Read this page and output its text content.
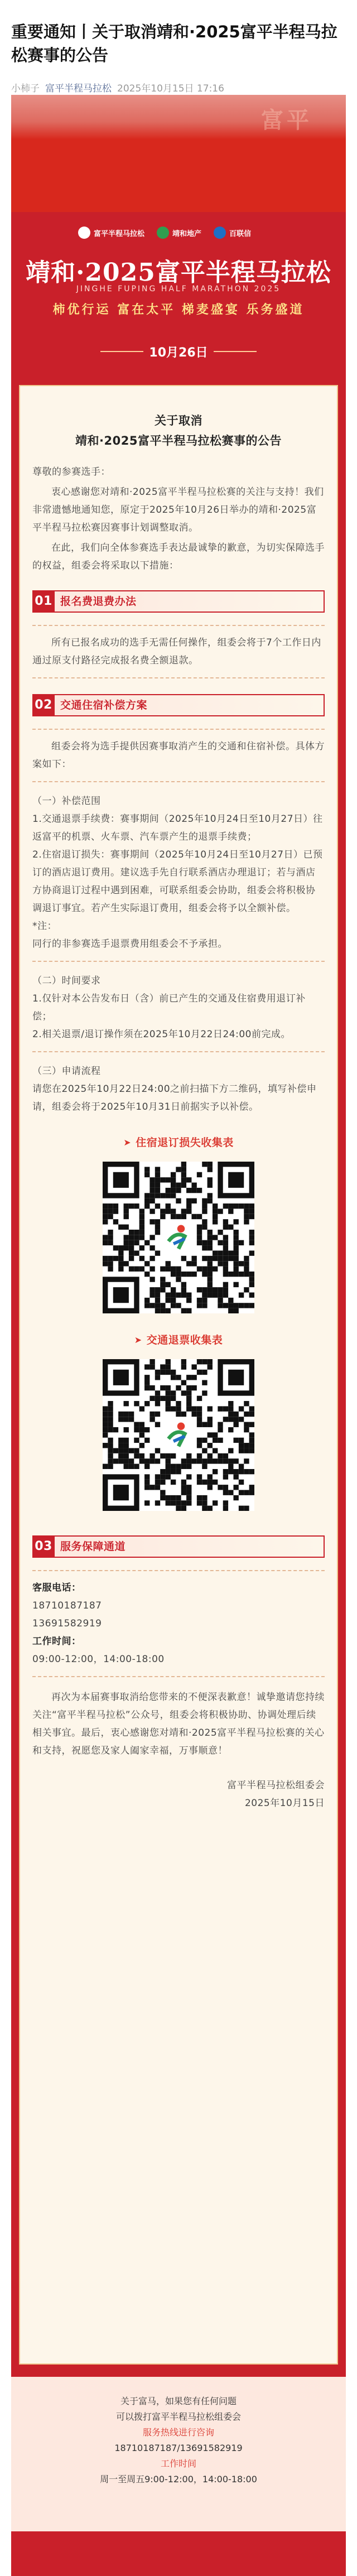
重要通知丨关于取消靖和·2025富平半程马拉松赛事的公告
小柿子 富平半程马拉松 2025年10月15日 17:16
富平
富平半程马拉松	靖和地产	百联信
靖和·2025富平半程马拉松
JINGHE FUPING HALF MARATHON 2025
柿优行运 富在太平 梯麦盛宴 乐务盛道
10月26日
关于取消
靖和·2025富平半程马拉松赛事的公告
尊敬的参赛选手：
衷心感谢您对靖和·2025富平半程马拉松赛的关注与支持！我们非常遗憾地通知您，原定于2025年10月26日举办的靖和·2025富平半程马拉松赛因赛事计划调整取消。
在此，我们向全体参赛选手表达最诚挚的歉意，为切实保障选手的权益，组委会将采取以下措施：
01 报名费退费办法
所有已报名成功的选手无需任何操作，组委会将于7个工作日内通过原支付路径完成报名费全额退款。
02 交通住宿补偿方案
组委会将为选手提供因赛事取消产生的交通和住宿补偿。具体方案如下：
（一）补偿范围
1.交通退票手续费：赛事期间（2025年10月24日至10月27日）往返富平的机票、火车票、汽车票产生的退票手续费；
2.住宿退订损失：赛事期间（2025年10月24日至10月27日）已预订的酒店退订费用。建议选手先自行联系酒店办理退订；若与酒店方协商退订过程中遇到困难，可联系组委会协助，组委会将积极协调退订事宜。若产生实际退订费用，组委会将予以全额补偿。
*注：
同行的非参赛选手退票费用组委会不予承担。
（二）时间要求
1.仅针对本公告发布日（含）前已产生的交通及住宿费用退订补偿；
2.相关退票/退订操作须在2025年10月22日24:00前完成。
（三）申请流程
请您在2025年10月22日24:00之前扫描下方二维码，填写补偿申请，组委会将于2025年10月31日前据实予以补偿。
➤ 住宿退订损失收集表
➤ 交通退票收集表
03 服务保障通道
客服电话：
18710187187
13691582919
工作时间：
09:00-12:00，14:00-18:00
再次为本届赛事取消给您带来的不便深表歉意！诚挚邀请您持续关注“富平半程马拉松”公众号，组委会将积极协助、协调处理后续相关事宜。最后，衷心感谢您对靖和·2025富平半程马拉松赛的关心和支持，祝愿您及家人阖家幸福，万事顺意！
富平半程马拉松组委会
2025年10月15日
关于富马，如果您有任何问题
可以拨打富平半程马拉松组委会
服务热线进行咨询
18710187187/13691582919
工作时间
周一至周五9:00-12:00，14:00-18:00
